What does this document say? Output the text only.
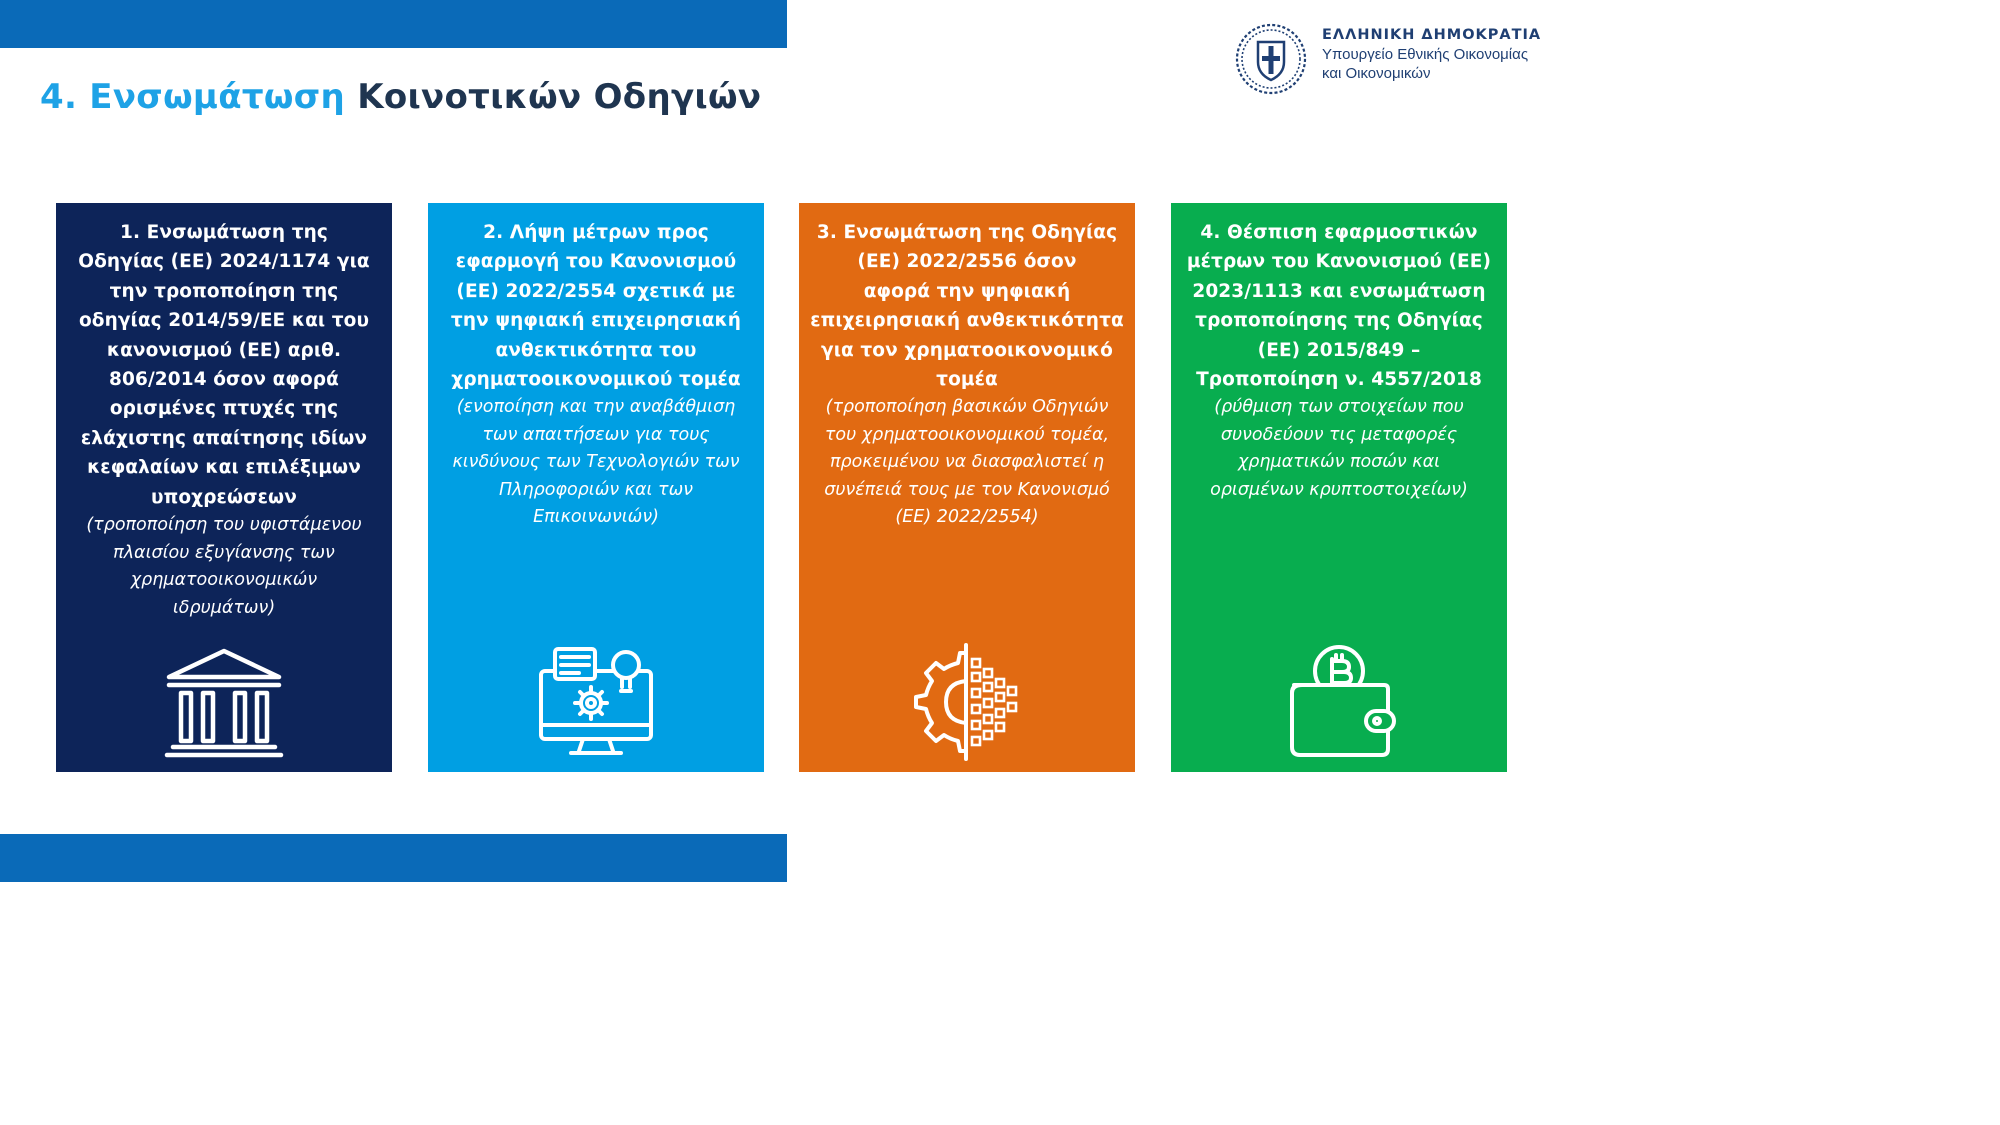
4. Ενσωμάτωση Κοινοτικών Οδηγιών
ΕΛΛΗΝΙΚΗ ΔΗΜΟΚΡΑΤΙΑ
Υπουργείο Εθνικής Οικονομίας
και Οικονομικών
1. Ενσωμάτωση της
Οδηγίας (ΕΕ) 2024/1174 για
την τροποποίηση της
οδηγίας 2014/59/ΕΕ και του
κανονισμού (ΕΕ) αριθ.
806/2014 όσον αφορά
ορισμένες πτυχές της
ελάχιστης απαίτησης ιδίων
κεφαλαίων και επιλέξιμων
υποχρεώσεων
(τροποποίηση του υφιστάμενου
πλαισίου εξυγίανσης των
χρηματοοικονομικών
ιδρυμάτων)
2. Λήψη μέτρων προς
εφαρμογή του Κανονισμού
(ΕΕ) 2022/2554 σχετικά με
την ψηφιακή επιχειρησιακή
ανθεκτικότητα του
χρηματοοικονομικού τομέα
(ενοποίηση και την αναβάθμιση
των απαιτήσεων για τους
κινδύνους των Τεχνολογιών των
Πληροφοριών και των
Επικοινωνιών)
3. Ενσωμάτωση της Οδηγίας
(ΕΕ) 2022/2556 όσον
αφορά την ψηφιακή
επιχειρησιακή ανθεκτικότητα
για τον χρηματοοικονομικό
τομέα
(τροποποίηση βασικών Οδηγιών
του χρηματοοικονομικού τομέα,
προκειμένου να διασφαλιστεί η
συνέπειά τους με τον Κανονισμό
(ΕΕ) 2022/2554)
4. Θέσπιση εφαρμοστικών
μέτρων του Κανονισμού (ΕΕ)
2023/1113 και ενσωμάτωση
τροποποίησης της Οδηγίας
(ΕΕ) 2015/849 –
Τροποποίηση ν. 4557/2018
(ρύθμιση των στοιχείων που
συνοδεύουν τις μεταφορές
χρηματικών ποσών και
ορισμένων κρυπτοστοιχείων)
